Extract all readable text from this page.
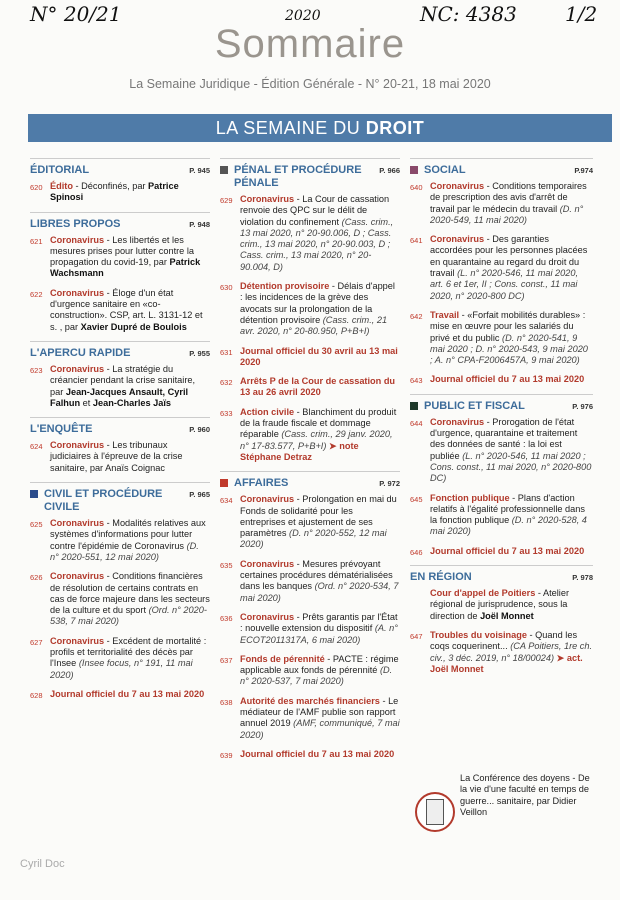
N° 20/21	2020	NC: 4383 1/2
Sommaire
La Semaine Juridique - Édition Générale - N° 20-21, 18 mai 2020
LA SEMAINE DU DROIT
ÉDITORIAL	P. 945
620 Édito - Déconfinés, par Patrice Spinosi
LIBRES PROPOS	P. 948
621 Coronavirus - Les libertés et les mesures prises pour lutter contre la propagation du covid-19, par Patrick Wachsmann
622 Coronavirus - Éloge d'un état d'urgence sanitaire en «co-construction». CSP, art. L. 3131-12 et s. , par Xavier Dupré de Boulois
L'APERCU RAPIDE	P. 955
623 Coronavirus - La stratégie du créancier pendant la crise sanitaire, par Jean-Jacques Ansault, Cyril Falhun et Jean-Charles Jaïs
L'ENQUÊTE	P. 960
624 Coronavirus - Les tribunaux judiciaires à l'épreuve de la crise sanitaire, par Anaïs Coignac
CIVIL ET PROCÉDURE CIVILE
P. 965
625 Coronavirus - Modalités relatives aux systèmes d'informations pour lutter contre l'épidémie de Coronavirus (D. n° 2020-551, 12 mai 2020)
626 Coronavirus - Conditions financières de résolution de certains contrats en cas de force majeure dans les secteurs de la culture et du sport (Ord. n° 2020-538, 7 mai 2020)
627 Coronavirus - Excédent de mortalité : profils et territorialité des décès par l'Insee (Insee focus, n° 191, 11 mai 2020)
628 Journal officiel du 7 au 13 mai 2020
PÉNAL ET PROCÉDURE PÉNALE
P. 966
629 Coronavirus - La Cour de cassation renvoie des QPC sur le délit de violation du confinement (Cass. crim., 13 mai 2020, n° 20-90.006, D ; Cass. crim., 13 mai 2020, n° 20-90.003, D ; Cass. crim., 13 mai 2020, n° 20-90.004, D)
630 Détention provisoire - Délais d'appel : les incidences de la grève des avocats sur la prolongation de la détention provisoire (Cass. crim., 21 avr. 2020, n° 20-80.950, P+B+I)
631 Journal officiel du 30 avril au 13 mai 2020
632 Arrêts P de la Cour de cassation du 13 au 26 avril 2020
633 Action civile - Blanchiment du produit de la fraude fiscale et dommage réparable (Cass. crim., 29 janv. 2020, n° 17-83.577, P+B+I) ➤ note Stéphane Detraz
AFFAIRES	P. 972
634 Coronavirus - Prolongation en mai du Fonds de solidarité pour les entreprises et ajustement de ses paramètres (D. n° 2020-552, 12 mai 2020)
635 Coronavirus - Mesures prévoyant certaines procédures dématérialisées dans les banques (Ord. n° 2020-534, 7 mai 2020)
636 Coronavirus - Prêts garantis par l'État : nouvelle extension du dispositif (A. n° ECOT2011317A, 6 mai 2020)
637 Fonds de pérennité - PACTE : régime applicable aux fonds de pérennité (D. n° 2020-537, 7 mai 2020)
638 Autorité des marchés financiers - Le médiateur de l'AMF publie son rapport annuel 2019 (AMF, communiqué, 7 mai 2020)
639 Journal officiel du 7 au 13 mai 2020
SOCIAL	P.974
640 Coronavirus - Conditions temporaires de prescription des avis d'arrêt de travail par le médecin du travail (D. n° 2020-549, 11 mai 2020)
641 Coronavirus - Des garanties accordées pour les personnes placées en quarantaine au regard du droit du travail (L. n° 2020-546, 11 mai 2020, art. 6 et 1er, II ; Cons. const., 11 mai 2020, n° 2020-800 DC)
642 Travail - «Forfait mobilités durables» : mise en œuvre pour les salariés du privé et du public (D. n° 2020-541, 9 mai 2020 ; D. n° 2020-543, 9 mai 2020 ; A. n° CPA-F2006457A, 9 mai 2020)
643 Journal officiel du 7 au 13 mai 2020
PUBLIC ET FISCAL	P. 976
644 Coronavirus - Prorogation de l'état d'urgence, quarantaine et traitement des données de santé : la loi est publiée (L. n° 2020-546, 11 mai 2020 ; Cons. const., 11 mai 2020, n° 2020-800 DC)
645 Fonction publique - Plans d'action relatifs à l'égalité professionnelle dans la fonction publique (D. n° 2020-528, 4 mai 2020)
646 Journal officiel du 7 au 13 mai 2020
EN RÉGION	P. 978
Cour d'appel de Poitiers - Atelier régional de jurisprudence, sous la direction de Joël Monnet
647 Troubles du voisinage - Quand les coqs coquerinent... (CA Poitiers, 1re ch. civ., 3 déc. 2019, n° 18/00024) ➤ act. Joël Monnet
La Conférence des doyens - De la vie d'une faculté en temps de guerre... sanitaire, par Didier Veillon
Cyril Doc
